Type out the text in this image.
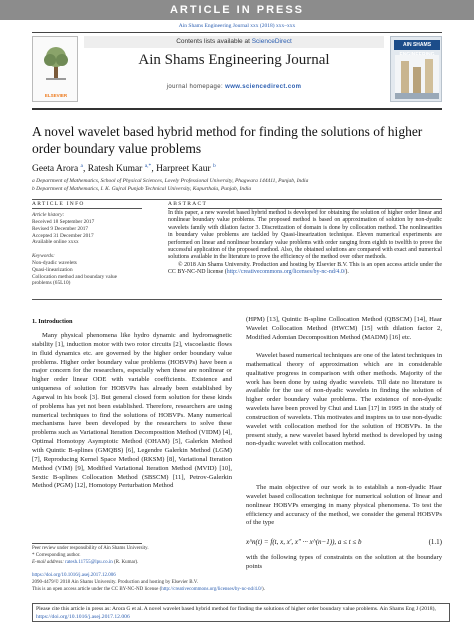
ARTICLE IN PRESS
Ain Shams Engineering Journal xxx (2018) xxx–xxx
ELSEVIER
Contents lists available at ScienceDirect
Ain Shams Engineering Journal
journal homepage: www.sciencedirect.com
AIN SHAMS
A novel wavelet based hybrid method for finding the solutions of higher
order boundary value problems
Geeta Arora $^a$, Ratesh Kumar $^{a,*}$, Harpreet Kaur $^b$
a Department of Mathematics, School of Physical Sciences, Lovely Professional University, Phagwara 144411, Punjab, India
b Department of Mathematics, I. K. Gujral Punjab Technical University, Kapurthala, Punjab, India
ARTICLE INFO	ABSTRACT
Article history:
Received 18 September 2017
Revised 9 December 2017
Accepted 31 December 2017
Available online xxxx
Keywords:
Non-dyadic wavelets
Quasi-linearization
Collocation method and boundary value
problems (65L10)
In this paper, a new wavelet based hybrid method is developed for obtaining the solution of higher order linear and nonlinear boundary value problems. The proposed method is based on approximation of solution by non-dyadic wavelets family with dilation factor 3. Discretization of domain is done by collocation method. The nonlinearities in boundary value problems are tackled by Quasi-linearization technique. Eleven numerical experiments are performed on linear and nonlinear boundary value problems with order ranging from eighth to twelfth to prove the successful application of the proposed method. Also, the obtained solutions are compared with exact and numerical solutions available in the literature to prove the efficiency of the method over other methods.
© 2018 Ain Shams University. Production and hosting by Elsevier B.V. This is an open access article under the CC BY-NC-ND license (http://creativecommons.org/licenses/by-nc-nd/4.0/).
1. Introduction
Many physical phenomena like hydro dynamic and hydromagnetic stability [1], induction motor with two rotor circuits [2], viscoelastic flows in fluid dynamics etc. are governed by the higher order boundary value problems. Higher order boundary value problems (HOBVPs) have been a major concern for the researchers, especially when these are nonlinear or higher order linear ODE with variable coefficients. Existence and uniqueness of solution for HOBVPs has already been established by Agarwal in his book [3]. But general closed form solution for these kinds of problems has yet not been established. Therefore, researchers are using numerical techniques to find the solutions of HOBVPs. Many numerical mechanisms have been developed by the researchers to solve these problems such as Variational Iteration Decomposition Method (VIDM) [4], Optimal Homotopy Asymptotic Method (OHAM) [5], Galerkin Method with Quintic B-splines (GMQBS) [6], Legendre Galerkin Method (LGM) [7], Reproducing Kernel Space Method (RKSM) [8], Variational Iteration Method (VIM) [9], Modified Variational Iteration Method (MVID) [10], Sextic B-splines Collocation Method (SBSCM) [11], Petrov-Galerkin Method (PGM) [12], Homotopy Perturbation Method
(HPM) [13], Quintic B-spline Collocation Method (QBSCM) [14], Haar Wavelet Collocation Method (HWCM) [15] with dilation factor 2, Modified Adomian Decomposition Method (MADM) [16] etc.
Wavelet based numerical techniques are one of the latest techniques in mathematical theory of approximation which are in considerable qualitative progress in comparison with other methods. Majority of the work has been done by using dyadic wavelets. Till date no literature is available for the use of non-dyadic wavelets in finding the solution of higher order boundary value problems. The existence of non-dyadic wavelets have been proved by Chui and Lian [17] in 1995 in the study of construction of wavelets. This motivates and inspires us to use non-dyadic wavelet with collocation method for the solution of HOBVPs. In the present study, a new wavelet based hybrid method is developed by using non-dyadic wavelet with collocation method.
The main objective of our work is to establish a non-dyadic Haar wavelet based collocation technique for numerical solution of linear and nonlinear HOBVPs emerging in many physical phenomena. To test the efficiency and accuracy of the method, we consider the general HOBVPs of the type
x^n(t) = f(t, x, x′, x″ ··· x^(n−1)), a ≤ t ≤ b	(1.1)
with the following types of constraints on the solution at the boundary points
Peer review under responsibility of Ain Shams University.
* Corresponding author.
E-mail address: ratesh.11755@lpu.co.in (R. Kumar).
https://doi.org/10.1016/j.asej.2017.12.006
2090-4479/© 2018 Ain Shams University. Production and hosting by Elsevier B.V.
This is an open access article under the CC BY-NC-ND license (http://creativecommons.org/licenses/by-nc-nd/4.0/).
Please cite this article in press as: Arora G et al. A novel wavelet based hybrid method for finding the solutions of higher order boundary value problems. Ain Shams Eng J (2018), https://doi.org/10.1016/j.asej.2017.12.006
